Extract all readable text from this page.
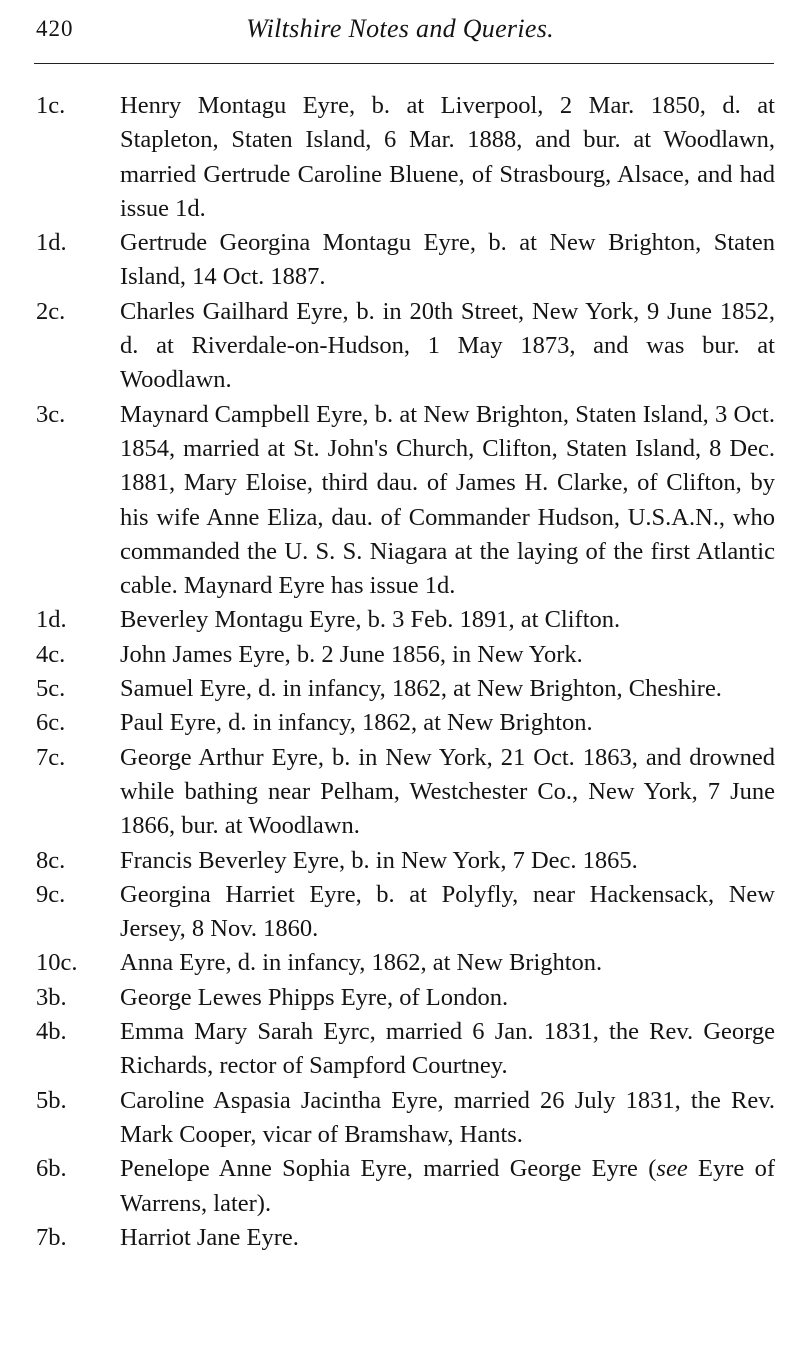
420	Wiltshire Notes and Queries.
1c. Henry Montagu Eyre, b. at Liverpool, 2 Mar. 1850, d. at Stapleton, Staten Island, 6 Mar. 1888, and bur. at Woodlawn, married Gertrude Caroline Bluene, of Strasbourg, Alsace, and had issue 1d.
1d. Gertrude Georgina Montagu Eyre, b. at New Brighton, Staten Island, 14 Oct. 1887.
2c. Charles Gailhard Eyre, b. in 20th Street, New York, 9 June 1852, d. at Riverdale-on-Hudson, 1 May 1873, and was bur. at Woodlawn.
3c. Maynard Campbell Eyre, b. at New Brighton, Staten Island, 3 Oct. 1854, married at St. John's Church, Clifton, Staten Island, 8 Dec. 1881, Mary Eloise, third dau. of James H. Clarke, of Clifton, by his wife Anne Eliza, dau. of Commander Hudson, U.S.A.N., who commanded the U. S. S. Niagara at the laying of the first Atlantic cable. Maynard Eyre has issue 1d.
1d. Beverley Montagu Eyre, b. 3 Feb. 1891, at Clifton.
4c. John James Eyre, b. 2 June 1856, in New York.
5c. Samuel Eyre, d. in infancy, 1862, at New Brighton, Cheshire.
6c. Paul Eyre, d. in infancy, 1862, at New Brighton.
7c. George Arthur Eyre, b. in New York, 21 Oct. 1863, and drowned while bathing near Pelham, Westchester Co., New York, 7 June 1866, bur. at Woodlawn.
8c. Francis Beverley Eyre, b. in New York, 7 Dec. 1865.
9c. Georgina Harriet Eyre, b. at Polyfly, near Hackensack, New Jersey, 8 Nov. 1860.
10c. Anna Eyre, d. in infancy, 1862, at New Brighton.
3b. George Lewes Phipps Eyre, of London.
4b. Emma Mary Sarah Eyrc, married 6 Jan. 1831, the Rev. George Richards, rector of Sampford Courtney.
5b. Caroline Aspasia Jacintha Eyre, married 26 July 1831, the Rev. Mark Cooper, vicar of Bramshaw, Hants.
6b. Penelope Anne Sophia Eyre, married George Eyre (see Eyre of Warrens, later).
7b. Harriot Jane Eyre.
